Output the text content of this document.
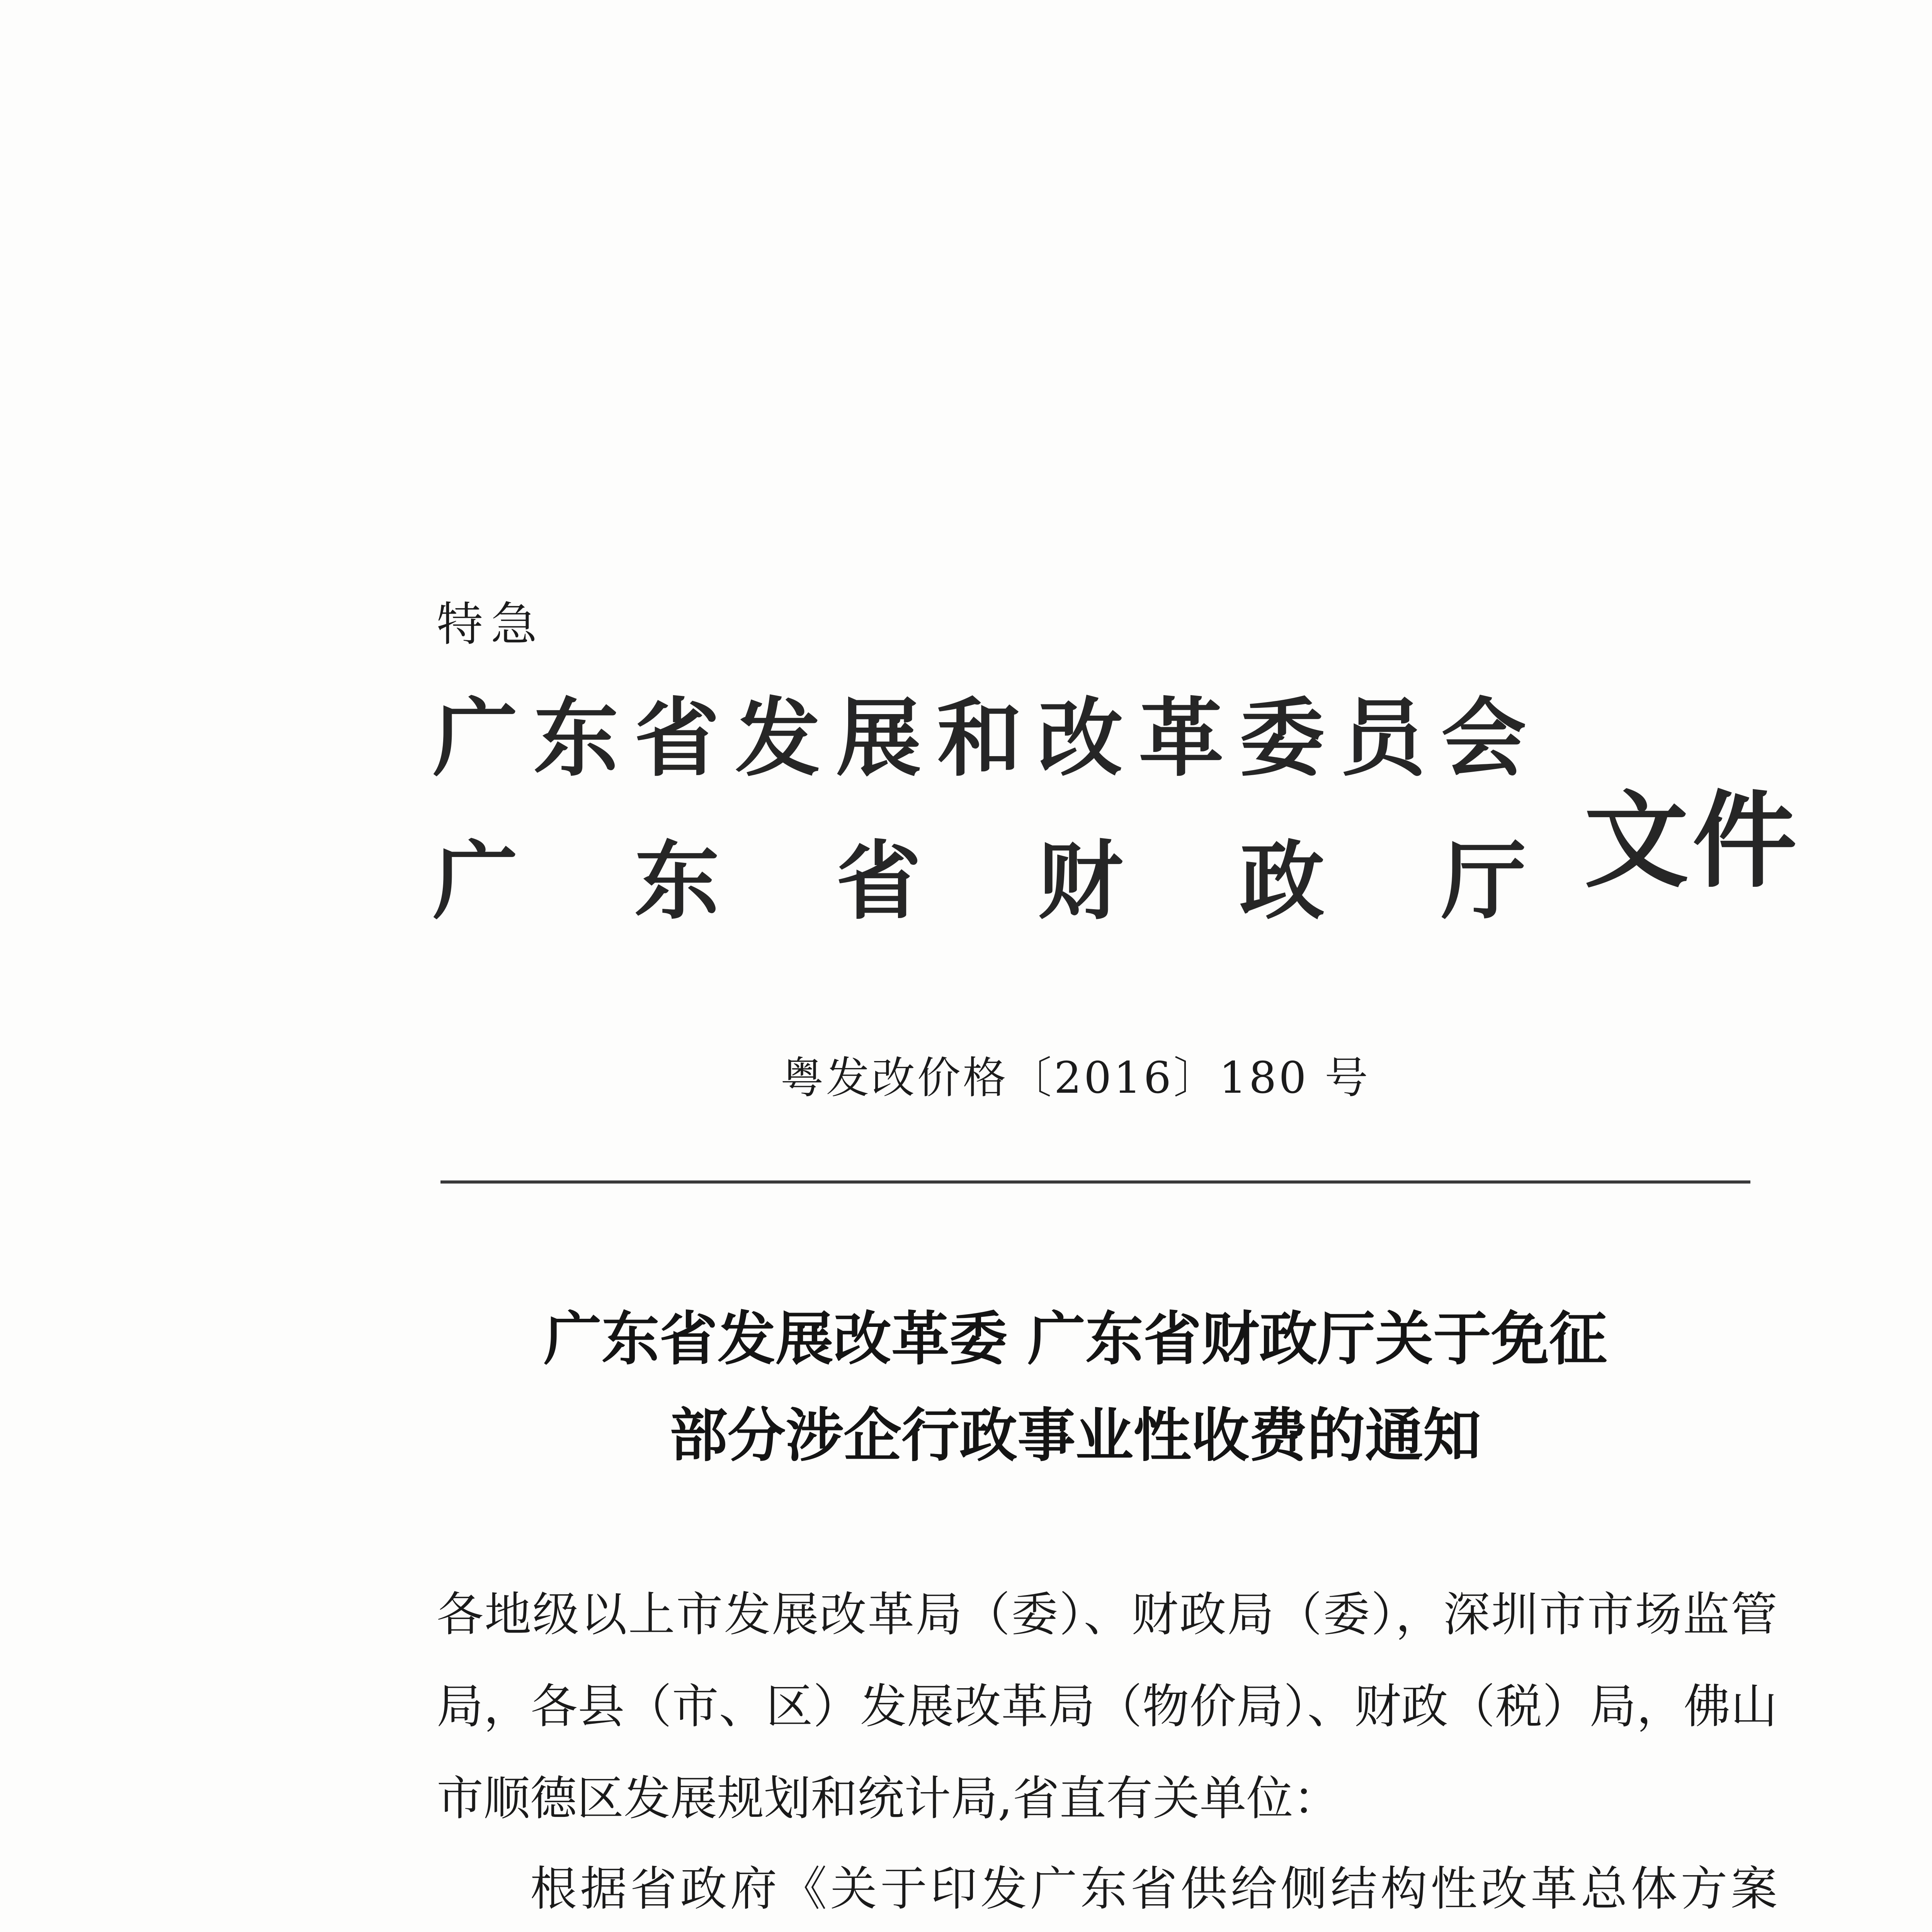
特急
广 东 省 发 展 和 改 革 委 员 会
广 东 省 财 政 厅 文件
粤发改价格〔2016〕180 号
广东省发展改革委 广东省财政厅关于免征
部分涉企行政事业性收费的通知
各地级以上市发展改革局（委）、财政局（委），深圳市市场监管局，各县（市、区）发展改革局（物价局）、财政（税）局，佛山市顺德区发展规划和统计局,省直有关单位：
根据省政府《关于印发广东省供给侧结构性改革总体方案
